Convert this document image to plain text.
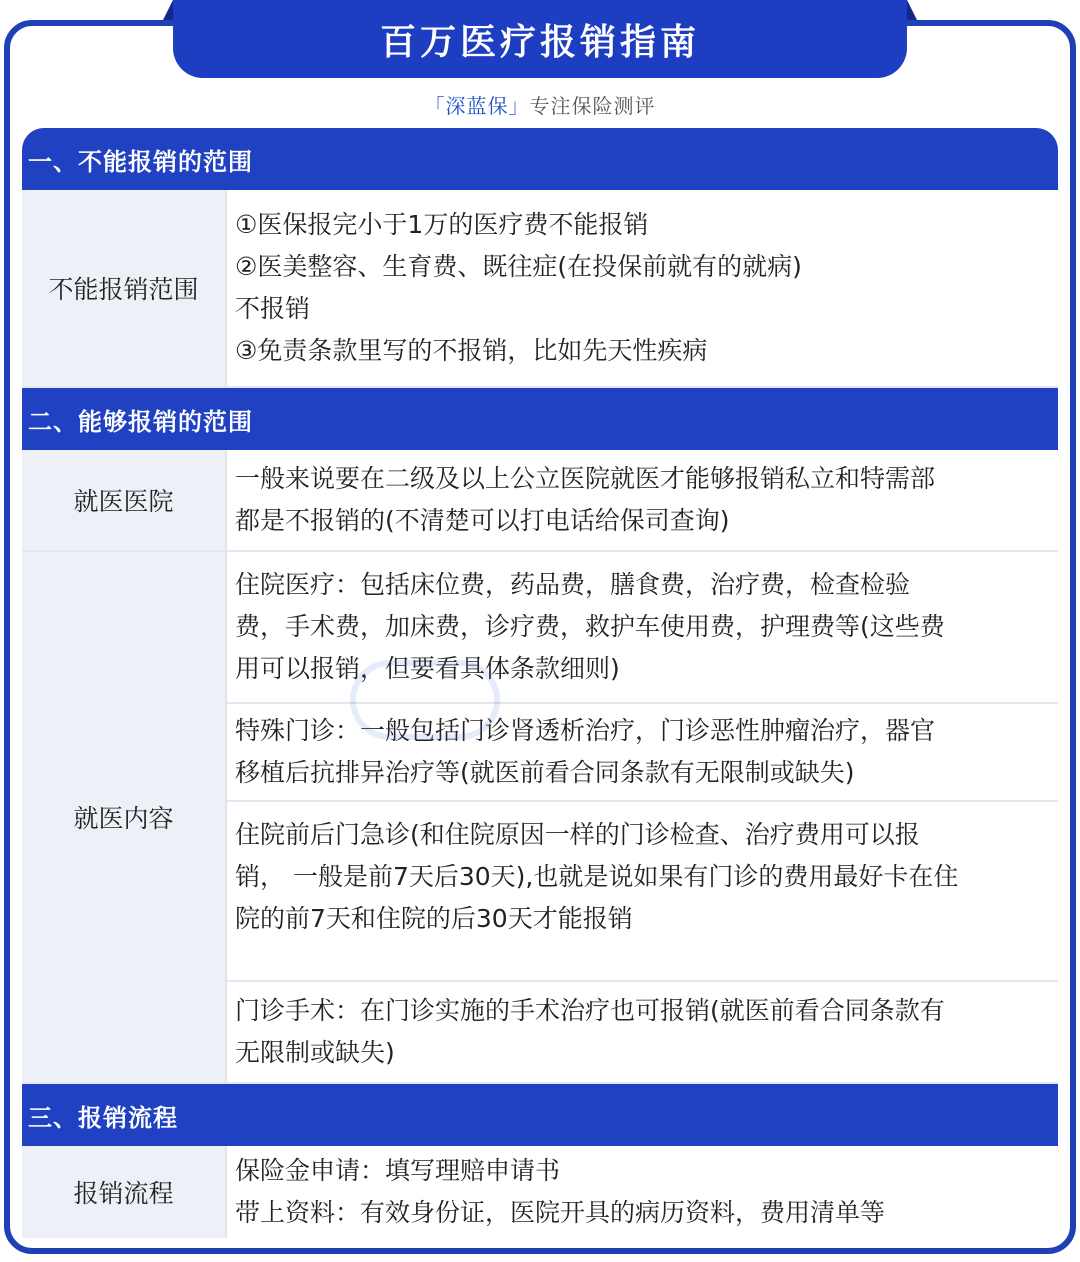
百万医疗报销指南
「深蓝保」专注保险测评
一、不能报销的范围
不能报销范围
①医保报完小于1万的医疗费不能报销
②医美整容、生育费、既往症(在投保前就有的就病)
不报销
③免责条款里写的不报销，比如先天性疾病
二、能够报销的范围
就医医院
一般来说要在二级及以上公立医院就医才能够报销私立和特需部
都是不报销的(不清楚可以打电话给保司查询)
就医内容
住院医疗：包括床位费，药品费，膳食费，治疗费，检查检验
费，手术费，加床费，诊疗费，救护车使用费，护理费等(这些费
用可以报销，但要看具体条款细则)
特殊门诊：一般包括门诊肾透析治疗，门诊恶性肿瘤治疗，器官
移植后抗排异治疗等(就医前看合同条款有无限制或缺失)
住院前后门急诊(和住院原因一样的门诊检查、治疗费用可以报
销， 一般是前7天后30天),也就是说如果有门诊的费用最好卡在住
院的前7天和住院的后30天才能报销
门诊手术：在门诊实施的手术治疗也可报销(就医前看合同条款有
无限制或缺失)
三、报销流程
报销流程
保险金申请：填写理赔申请书
带上资料：有效身份证，医院开具的病历资料，费用清单等
